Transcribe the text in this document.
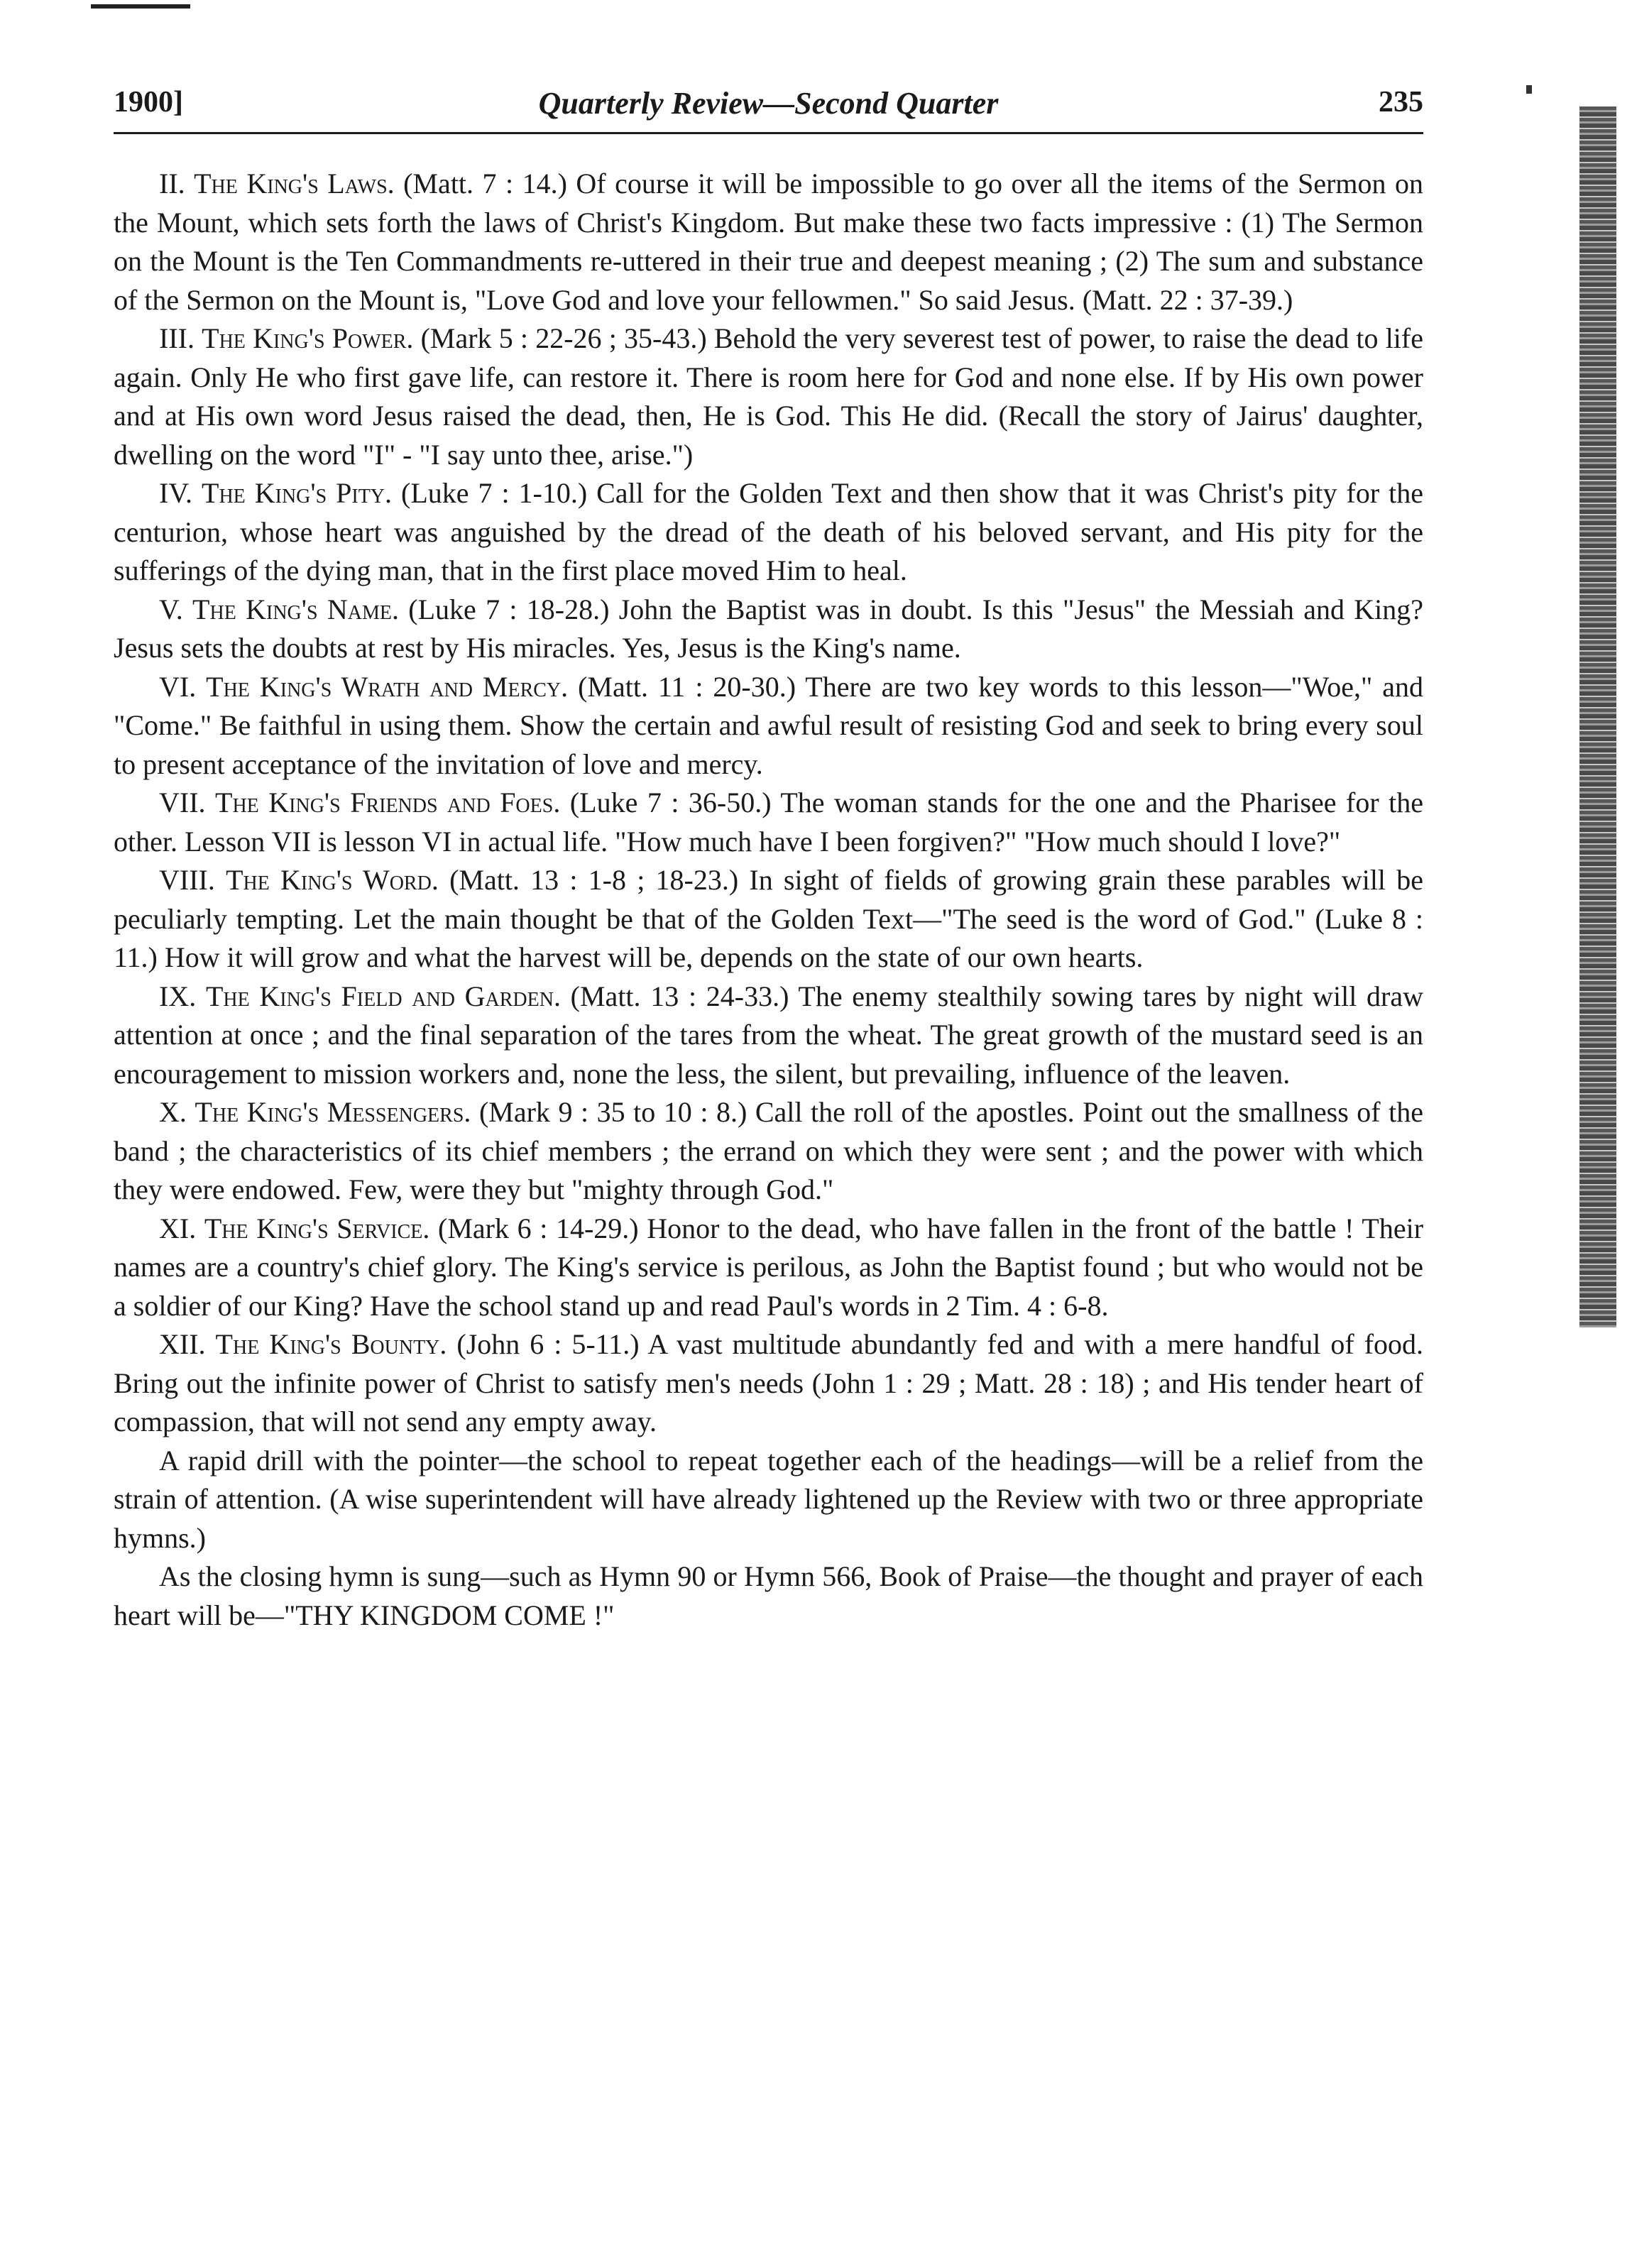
1900]	Quarterly Review—Second Quarter	235

II. The King's Laws. (Matt. 7 : 14.) Of course it will be impossible to go over all the items of the Sermon on the Mount, which sets forth the laws of Christ's Kingdom. But make these two facts impressive : (1) The Sermon on the Mount is the Ten Commandments re-uttered in their true and deepest meaning ; (2) The sum and substance of the Sermon on the Mount is, "Love God and love your fellowmen." So said Jesus. (Matt. 22 : 37-39.)

III. The King's Power. (Mark 5 : 22-26 ; 35-43.) Behold the very severest test of power, to raise the dead to life again. Only He who first gave life, can restore it. There is room here for God and none else. If by His own power and at His own word Jesus raised the dead, then, He is God. This He did. (Recall the story of Jairus' daughter, dwelling on the word "I" - "I say unto thee, arise.")

IV. The King's Pity. (Luke 7 : 1-10.) Call for the Golden Text and then show that it was Christ's pity for the centurion, whose heart was anguished by the dread of the death of his beloved servant, and His pity for the sufferings of the dying man, that in the first place moved Him to heal.

V. The King's Name. (Luke 7 : 18-28.) John the Baptist was in doubt. Is this "Jesus" the Messiah and King? Jesus sets the doubts at rest by His miracles. Yes, Jesus is the King's name.

VI. The King's Wrath and Mercy. (Matt. 11 : 20-30.) There are two key words to this lesson—"Woe," and "Come." Be faithful in using them. Show the certain and awful result of resisting God and seek to bring every soul to present acceptance of the invitation of love and mercy.

VII. The King's Friends and Foes. (Luke 7 : 36-50.) The woman stands for the one and the Pharisee for the other. Lesson VII is lesson VI in actual life. "How much have I been forgiven?" "How much should I love?"

VIII. The King's Word. (Matt. 13 : 1-8 ; 18-23.) In sight of fields of growing grain these parables will be peculiarly tempting. Let the main thought be that of the Golden Text—"The seed is the word of God." (Luke 8 : 11.) How it will grow and what the harvest will be, depends on the state of our own hearts.

IX. The King's Field and Garden. (Matt. 13 : 24-33.) The enemy stealthily sowing tares by night will draw attention at once ; and the final separation of the tares from the wheat. The great growth of the mustard seed is an encouragement to mission workers and, none the less, the silent, but prevailing, influence of the leaven.

X. The King's Messengers. (Mark 9 : 35 to 10 : 8.) Call the roll of the apostles. Point out the smallness of the band ; the characteristics of its chief members ; the errand on which they were sent ; and the power with which they were endowed. Few, were they but "mighty through God."

XI. The King's Service. (Mark 6 : 14-29.) Honor to the dead, who have fallen in the front of the battle ! Their names are a country's chief glory. The King's service is perilous, as John the Baptist found ; but who would not be a soldier of our King? Have the school stand up and read Paul's words in 2 Tim. 4 : 6-8.

XII. The King's Bounty. (John 6 : 5-11.) A vast multitude abundantly fed and with a mere handful of food. Bring out the infinite power of Christ to satisfy men's needs (John 1 : 29 ; Matt. 28 : 18) ; and His tender heart of compassion, that will not send any empty away.

A rapid drill with the pointer—the school to repeat together each of the headings—will be a relief from the strain of attention. (A wise superintendent will have already lightened up the Review with two or three appropriate hymns.)

As the closing hymn is sung—such as Hymn 90 or Hymn 566, Book of Praise—the thought and prayer of each heart will be—"THY KINGDOM COME !"
